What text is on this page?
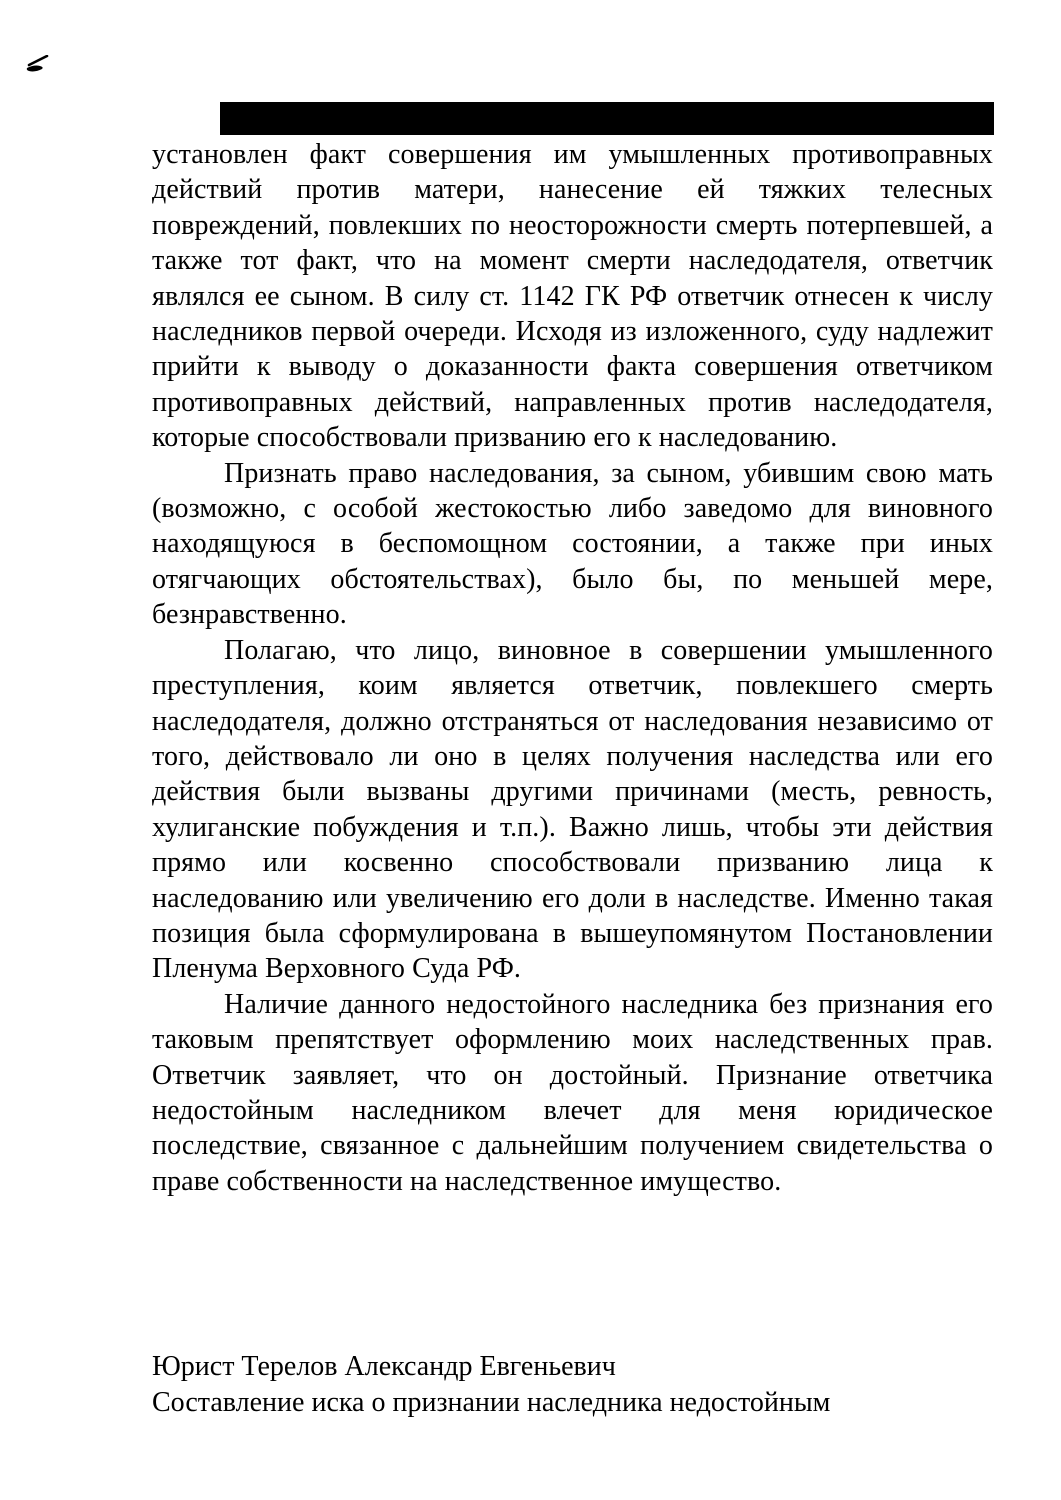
установлен факт совершения им умышленных противоправных действий против матери, нанесение ей тяжких телесных повреждений, повлекших по неосторожности смерть потерпевшей, а также тот факт, что на момент смерти наследодателя, ответчик являлся ее сыном. В силу ст. 1142 ГК РФ ответчик отнесен к числу наследников первой очереди. Исходя из изложенного, суду надлежит прийти к выводу о доказанности факта совершения ответчиком противоправных действий, направленных против наследодателя, которые способствовали призванию его к наследованию.

Признать право наследования, за сыном, убившим свою мать (возможно, с особой жестокостью либо заведомо для виновного находящуюся в беспомощном состоянии, а также при иных отягчающих обстоятельствах), было бы, по меньшей мере, безнравственно.

Полагаю, что лицо, виновное в совершении умышленного преступления, коим является ответчик, повлекшего смерть наследодателя, должно отстраняться от наследования независимо от того, действовало ли оно в целях получения наследства или его действия были вызваны другими причинами (месть, ревность, хулиганские побуждения и т.п.). Важно лишь, чтобы эти действия прямо или косвенно способствовали призванию лица к наследованию или увеличению его доли в наследстве. Именно такая позиция была сформулирована в вышеупомянутом Постановлении Пленума Верховного Суда РФ.

Наличие данного недостойного наследника без признания его таковым препятствует оформлению моих наследственных прав. Ответчик заявляет, что он достойный. Признание ответчика недостойным наследником влечет для меня юридическое последствие, связанное с дальнейшим получением свидетельства о праве собственности на наследственное имущество.

Юрист Терелов Александр Евгеньевич
Составление иска о признании наследника недостойным
